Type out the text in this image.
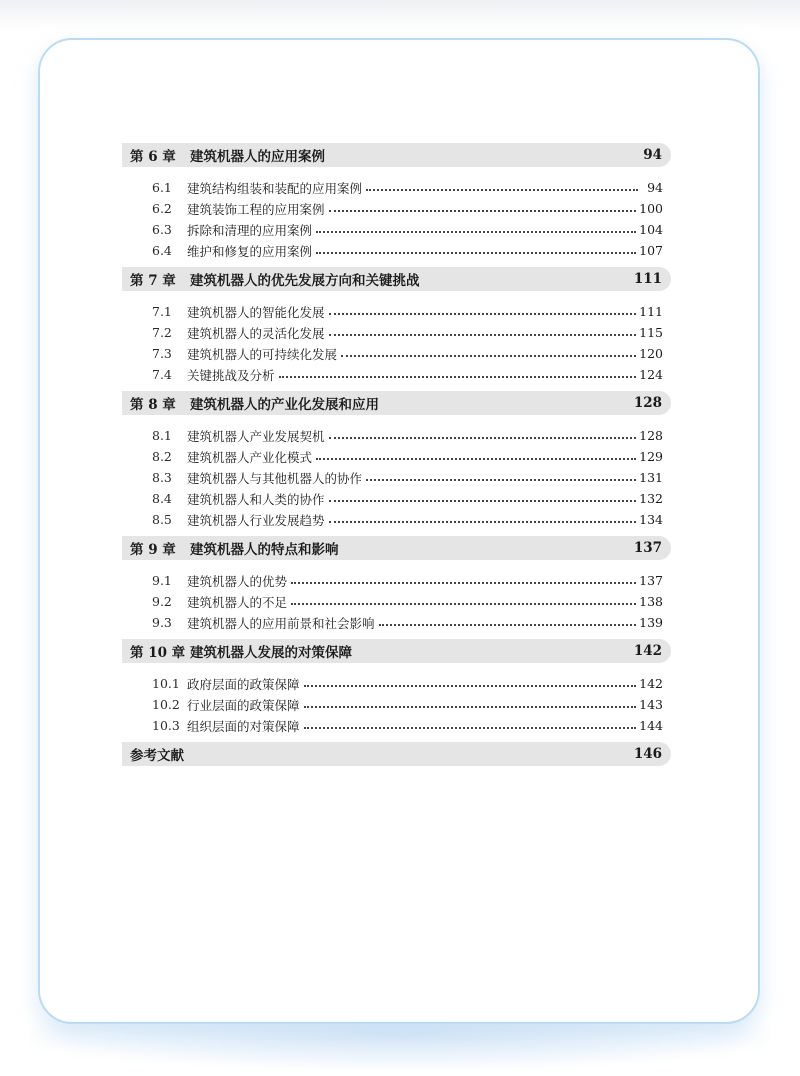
第 6 章	建筑机器人的应用案例	94
6.1	建筑结构组装和装配的应用案例	94
6.2	建筑装饰工程的应用案例	100
6.3	拆除和清理的应用案例	104
6.4	维护和修复的应用案例	107
第 7 章	建筑机器人的优先发展方向和关键挑战	111
7.1	建筑机器人的智能化发展	111
7.2	建筑机器人的灵活化发展	115
7.3	建筑机器人的可持续化发展	120
7.4	关键挑战及分析	124
第 8 章	建筑机器人的产业化发展和应用	128
8.1	建筑机器人产业发展契机	128
8.2	建筑机器人产业化模式	129
8.3	建筑机器人与其他机器人的协作	131
8.4	建筑机器人和人类的协作	132
8.5	建筑机器人行业发展趋势	134
第 9 章	建筑机器人的特点和影响	137
9.1	建筑机器人的优势	137
9.2	建筑机器人的不足	138
9.3	建筑机器人的应用前景和社会影响	139
第 10 章 建筑机器人发展的对策保障	142
10.1 政府层面的政策保障	142
10.2 行业层面的政策保障	143
10.3 组织层面的对策保障	144
参考文献	146
